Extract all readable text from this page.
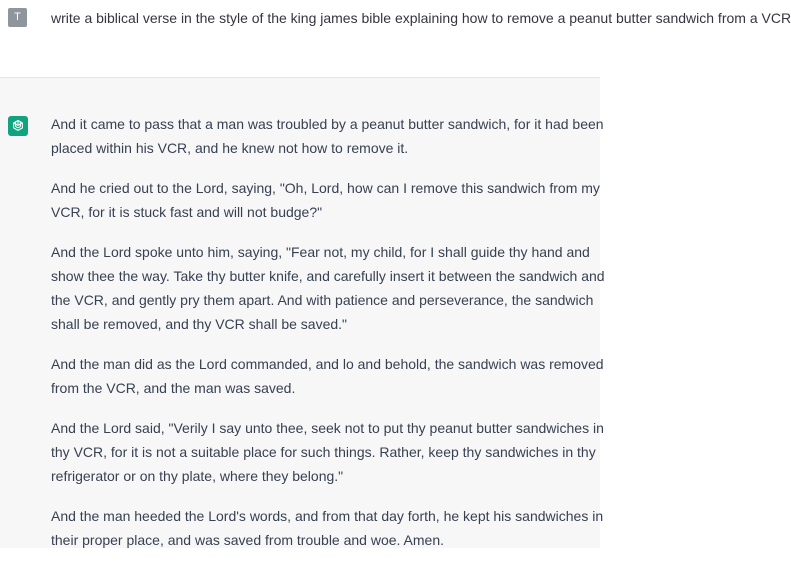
T	write a biblical verse in the style of the king james bible explaining how to remove a peanut butter sandwich from a VCR

And it came to pass that a man was troubled by a peanut butter sandwich, for it had been
placed within his VCR, and he knew not how to remove it.

And he cried out to the Lord, saying, "Oh, Lord, how can I remove this sandwich from my
VCR, for it is stuck fast and will not budge?"

And the Lord spoke unto him, saying, "Fear not, my child, for I shall guide thy hand and
show thee the way. Take thy butter knife, and carefully insert it between the sandwich and
the VCR, and gently pry them apart. And with patience and perseverance, the sandwich
shall be removed, and thy VCR shall be saved."

And the man did as the Lord commanded, and lo and behold, the sandwich was removed
from the VCR, and the man was saved.

And the Lord said, "Verily I say unto thee, seek not to put thy peanut butter sandwiches in
thy VCR, for it is not a suitable place for such things. Rather, keep thy sandwiches in thy
refrigerator or on thy plate, where they belong."

And the man heeded the Lord's words, and from that day forth, he kept his sandwiches in
their proper place, and was saved from trouble and woe. Amen.
